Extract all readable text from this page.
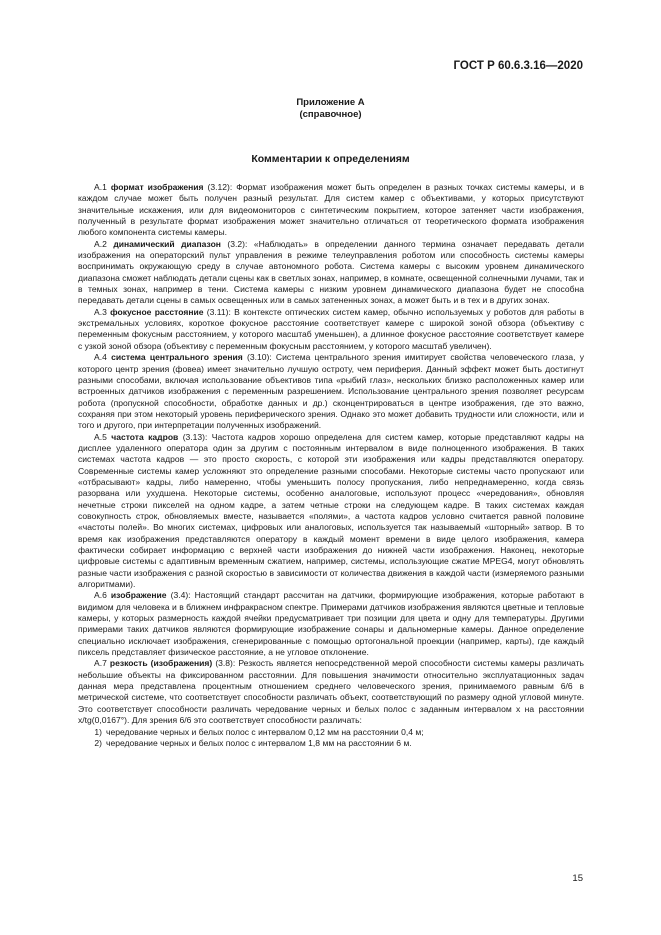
ГОСТ Р 60.6.3.16—2020
Приложение А
(справочное)
Комментарии к определениям

А.1 формат изображения (3.12): Формат изображения может быть определен в разных точках системы камеры, и в каждом случае может быть получен разный результат. Для систем камер с объективами, у которых присутствуют значительные искажения, или для видеомониторов с синтетическим покрытием, которое затеняет части изображения, полученный в результате формат изображения может значительно отличаться от теоретического формата изображения любого компонента системы камеры.

А.2 динамический диапазон (3.2): «Наблюдать» в определении данного термина означает передавать детали изображения на операторский пульт управления в режиме телеуправления роботом или способность системы камеры воспринимать окружающую среду в случае автономного робота. Система камеры с высоким уровнем динамического диапазона сможет наблюдать детали сцены как в светлых зонах, например, в комнате, освещенной солнечными лучами, так и в темных зонах, например в тени. Система камеры с низким уровнем динамического диапазона будет не способна передавать детали сцены в самых освещенных или в самых затененных зонах, а может быть и в тех и в других зонах.

А.3 фокусное расстояние (3.11): В контексте оптических систем камер, обычно используемых у роботов для работы в экстремальных условиях, короткое фокусное расстояние соответствует камере с широкой зоной обзора (объективу с переменным фокусным расстоянием, у которого масштаб уменьшен), а длинное фокусное расстояние соответствует камере с узкой зоной обзора (объективу с переменным фокусным расстоянием, у которого масштаб увеличен).

А.4 система центрального зрения (3.10): Система центрального зрения имитирует свойства человеческого глаза, у которого центр зрения (фовеа) имеет значительно лучшую остроту, чем периферия. Данный эффект может быть достигнут разными способами, включая использование объективов типа «рыбий глаз», нескольких близко расположенных камер или встроенных датчиков изображения с переменным разрешением. Использование центрального зрения позволяет ресурсам робота (пропускной способности, обработке данных и др.) сконцентрироваться в центре изображения, где это важно, сохраняя при этом некоторый уровень периферического зрения. Однако это может добавить трудности или сложности, или и того и другого, при интерпретации полученных изображений.

А.5 частота кадров (3.13): Частота кадров хорошо определена для систем камер, которые представляют кадры на дисплее удаленного оператора один за другим с постоянным интервалом в виде полноценного изображения. В таких системах частота кадров — это просто скорость, с которой эти изображения или кадры представляются оператору. Современные системы камер усложняют это определение разными способами. Некоторые системы часто пропускают или «отбрасывают» кадры, либо намеренно, чтобы уменьшить полосу пропускания, либо непреднамеренно, когда связь разорвана или ухудшена. Некоторые системы, особенно аналоговые, используют процесс «чередования», обновляя нечетные строки пикселей на одном кадре, а затем четные строки на следующем кадре. В таких системах каждая совокупность строк, обновляемых вместе, называется «полями», а частота кадров условно считается равной половине «частоты полей». Во многих системах, цифровых или аналоговых, используется так называемый «шторный» затвор. В то время как изображения представляются оператору в каждый момент времени в виде целого изображения, камера фактически собирает информацию с верхней части изображения до нижней части изображения. Наконец, некоторые цифровые системы с адаптивным временным сжатием, например, системы, использующие сжатие MPEG4, могут обновлять разные части изображения с разной скоростью в зависимости от количества движения в каждой части (измеряемого разными алгоритмами).

А.6 изображение (3.4): Настоящий стандарт рассчитан на датчики, формирующие изображения, которые работают в видимом для человека и в ближнем инфракрасном спектре. Примерами датчиков изображения являются цветные и тепловые камеры, у которых размерность каждой ячейки предусматривает три позиции для цвета и одну для температуры. Другими примерами таких датчиков являются формирующие изображение сонары и дальномерные камеры. Данное определение специально исключает изображения, сгенерированные с помощью ортогональной проекции (например, карты), где каждый пиксель представляет физическое расстояние, а не угловое отклонение.

А.7 резкость (изображения) (3.8): Резкость является непосредственной мерой способности системы камеры различать небольшие объекты на фиксированном расстоянии. Для повышения значимости относительно эксплуатационных задач данная мера представлена процентным отношением среднего человеческого зрения, принимаемого равным 6/6 в метрической системе, что соответствует способности различать объект, соответствующий по размеру одной угловой минуте. Это соответствует способности различать чередование черных и белых полос с заданным интервалом x на расстоянии x/tg(0,0167°). Для зрения 6/6 это соответствует способности различать:

1) чередование черных и белых полос с интервалом 0,12 мм на расстоянии 0,4 м;
2) чередование черных и белых полос с интервалом 1,8 мм на расстоянии 6 м.
15
